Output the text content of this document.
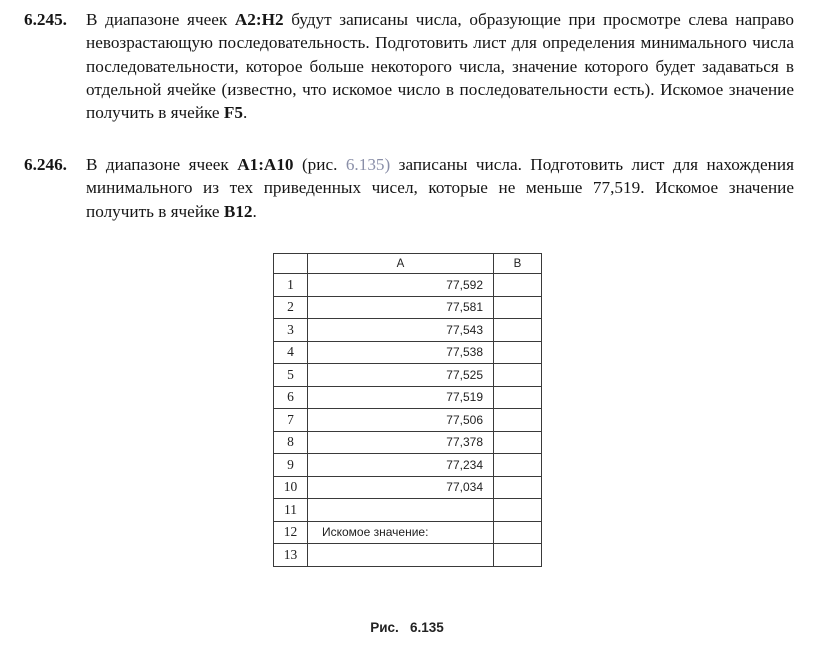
6.245. В диапазоне ячеек A2:H2 будут записаны числа, образующие при просмотре слева направо невозрастающую последовательность. Подготовить лист для определения минимального числа последовательности, которое больше некоторого числа, значение которого будет задаваться в отдельной ячейке (известно, что искомое число в последовательности есть). Искомое значение получить в ячейке F5.
6.246. В диапазоне ячеек A1:A10 (рис. 6.135) записаны числа. Подготовить лист для нахождения минимального из тех приведенных чисел, которые не меньше 77,519. Искомое значение получить в ячейке B12.
	A	B
1	77,592	
2	77,581	
3	77,543	
4	77,538	
5	77,525	
6	77,519	
7	77,506	
8	77,378	
9	77,234	
10	77,034	
11		
12	Искомое значение:	
13		
Рис.   6.135
